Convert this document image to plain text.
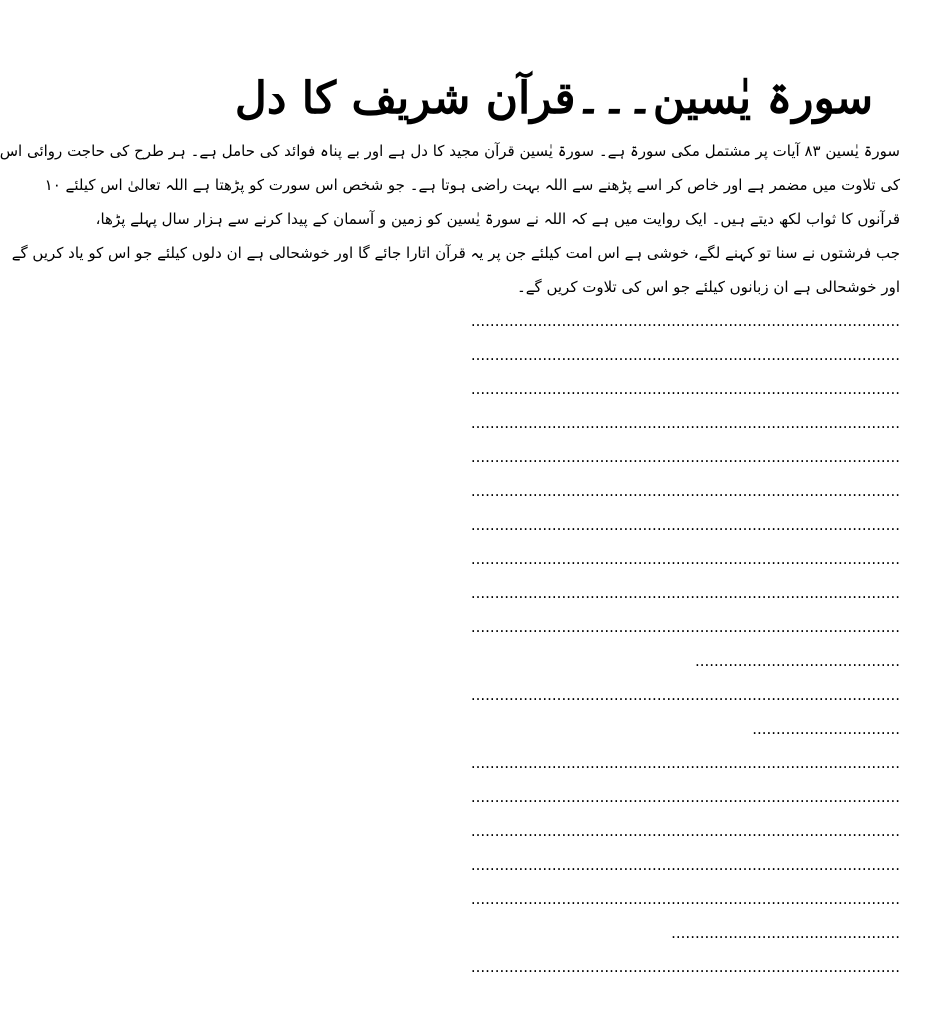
سورۃ یٰسین۔۔۔قرآن شریف کا دل
سورۃ یٰسین ۸۳ آیات پر مشتمل مکی سورۃ ہے۔ سورۃ یٰسین قرآن مجید کا دل ہے اور بے پناہ فوائد کی حامل ہے۔ ہر طرح کی حاجت روائی اس
کی تلاوت میں مضمر ہے اور خاص کر اسے پڑھنے سے اللہ بہت راضی ہوتا ہے۔ جو شخص اس سورت کو پڑھتا ہے اللہ تعالیٰ اس کیلئے ۱۰
قرآنوں کا ثواب لکھ دیتے ہیں۔ ایک روایت میں ہے کہ اللہ نے سورۃ یٰسین کو زمین و آسمان کے پیدا کرنے سے ہزار سال پہلے پڑھا،
جب فرشتوں نے سنا تو کہنے لگے، خوشی ہے اس امت کیلئے جن پر یہ قرآن اتارا جائے گا اور خوشحالی ہے ان دلوں کیلئے جو اس کو یاد کریں گے
اور خوشحالی ہے ان زبانوں کیلئے جو اس کی تلاوت کریں گے۔
..........................................................................................
..........................................................................................
..........................................................................................
..........................................................................................
..........................................................................................
..........................................................................................
..........................................................................................
..........................................................................................
..........................................................................................
..........................................................................................
...........................................
..........................................................................................
...............................
..........................................................................................
..........................................................................................
..........................................................................................
..........................................................................................
..........................................................................................
................................................
..........................................................................................
